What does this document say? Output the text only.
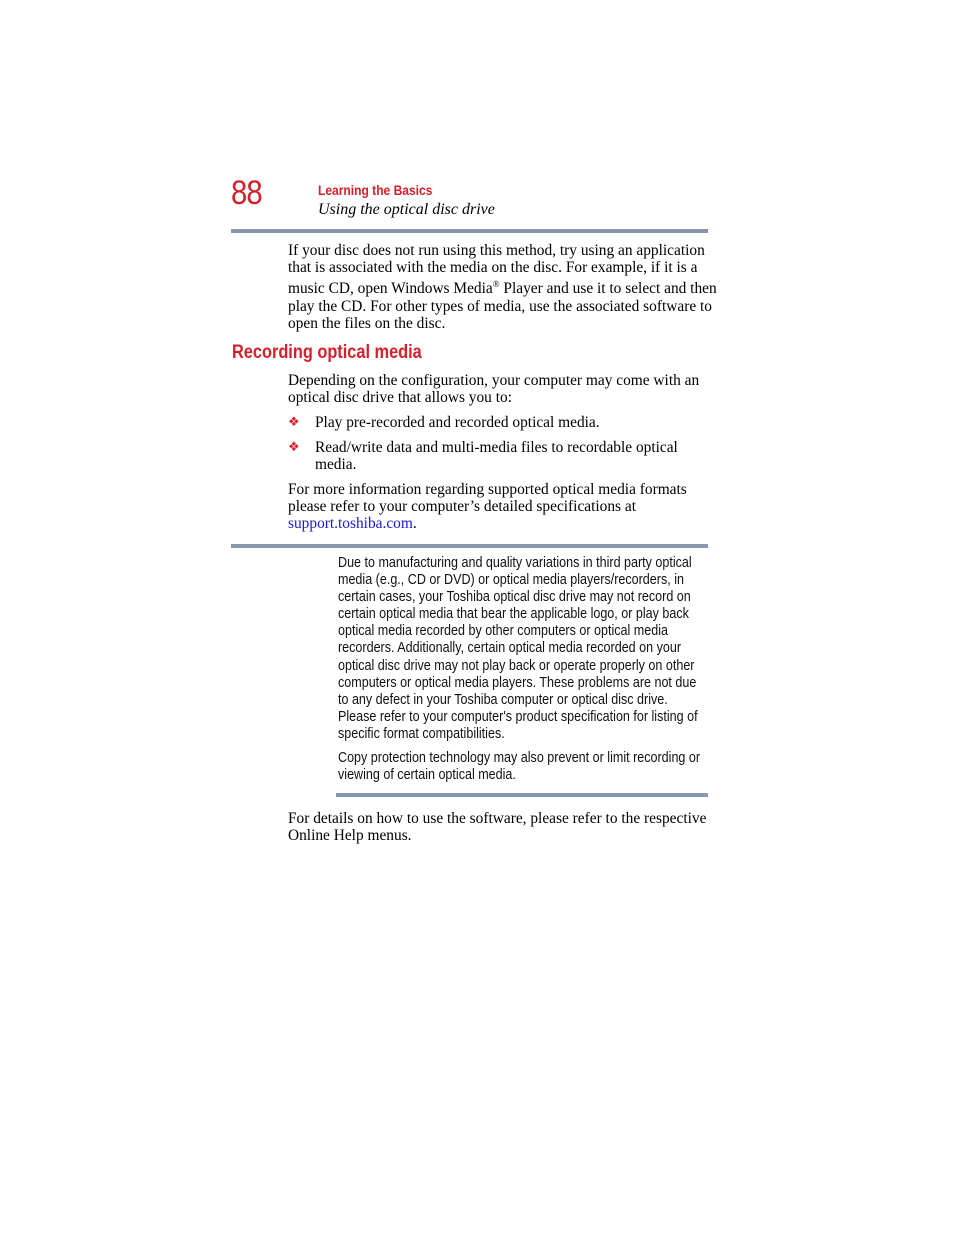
88	Learning the Basics
Using the optical disc drive

If your disc does not run using this method, try using an application that is associated with the media on the disc. For example, if it is a music CD, open Windows Media® Player and use it to select and then play the CD. For other types of media, use the associated software to open the files on the disc.

Recording optical media

Depending on the configuration, your computer may come with an optical disc drive that allows you to:

❖ Play pre-recorded and recorded optical media.
❖ Read/write data and multi-media files to recordable optical media.

For more information regarding supported optical media formats please refer to your computer’s detailed specifications at support.toshiba.com.

Due to manufacturing and quality variations in third party optical media (e.g., CD or DVD) or optical media players/recorders, in certain cases, your Toshiba optical disc drive may not record on certain optical media that bear the applicable logo, or play back optical media recorded by other computers or optical media recorders. Additionally, certain optical media recorded on your optical disc drive may not play back or operate properly on other computers or optical media players. These problems are not due to any defect in your Toshiba computer or optical disc drive. Please refer to your computer's product specification for listing of specific format compatibilities.
Copy protection technology may also prevent or limit recording or viewing of certain optical media.

For details on how to use the software, please refer to the respective Online Help menus.
